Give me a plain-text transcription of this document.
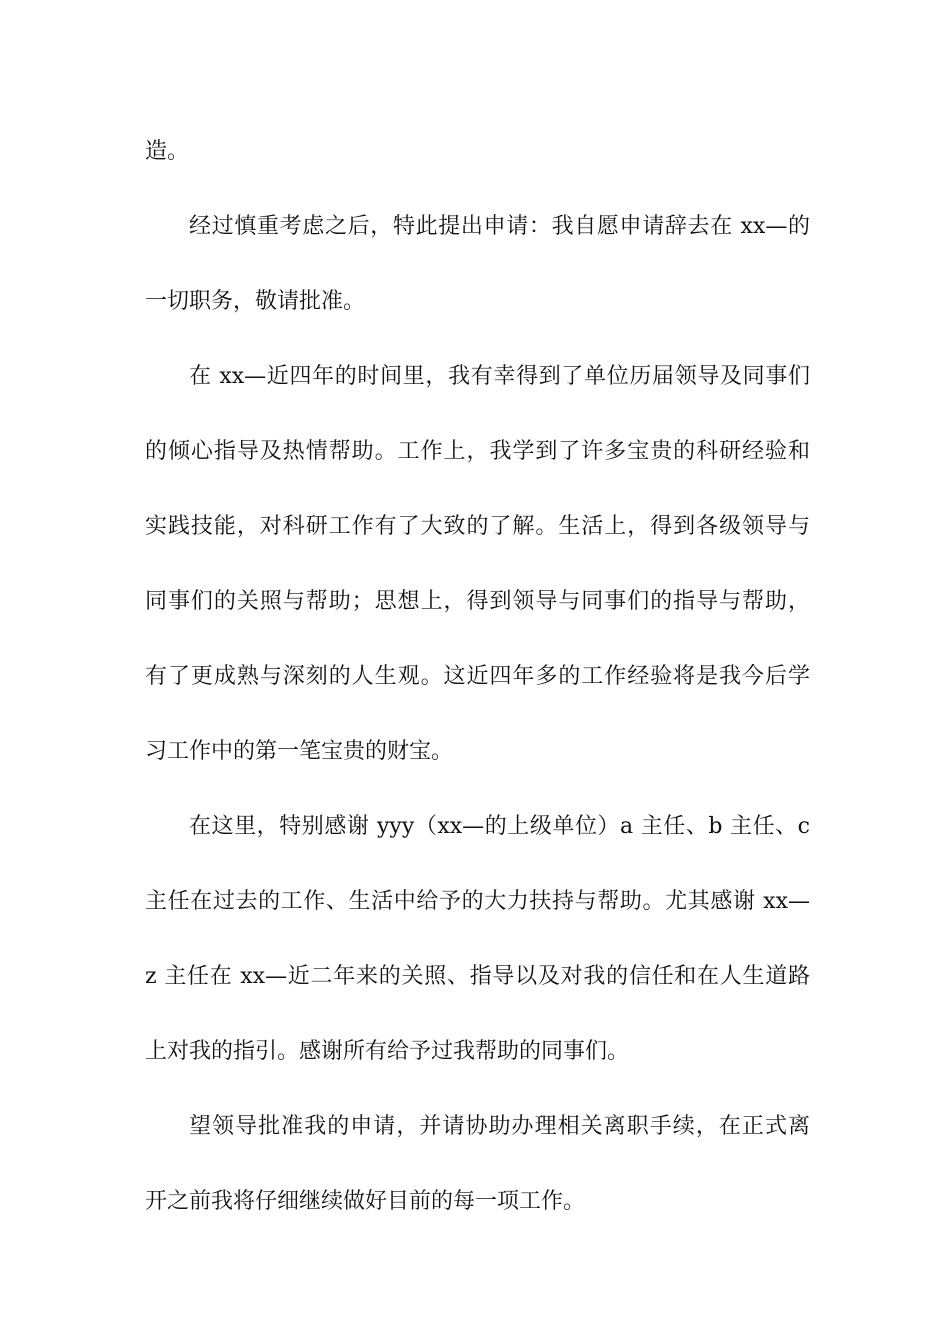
造。

经过慎重考虑之后，特此提出申请：我自愿申请辞去在 xx—的

一切职务，敬请批准。

在 xx—近四年的时间里，我有幸得到了单位历届领导及同事们

的倾心指导及热情帮助。工作上，我学到了许多宝贵的科研经验和

实践技能，对科研工作有了大致的了解。生活上，得到各级领导与

同事们的关照与帮助；思想上，得到领导与同事们的指导与帮助，

有了更成熟与深刻的人生观。这近四年多的工作经验将是我今后学

习工作中的第一笔宝贵的财宝。

在这里，特别感谢 yyy（xx—的上级单位）a 主任、b 主任、c

主任在过去的工作、生活中给予的大力扶持与帮助。尤其感谢 xx—

z 主任在 xx—近二年来的关照、指导以及对我的信任和在人生道路

上对我的指引。感谢所有给予过我帮助的同事们。

望领导批准我的申请，并请协助办理相关离职手续，在正式离

开之前我将仔细继续做好目前的每一项工作。
